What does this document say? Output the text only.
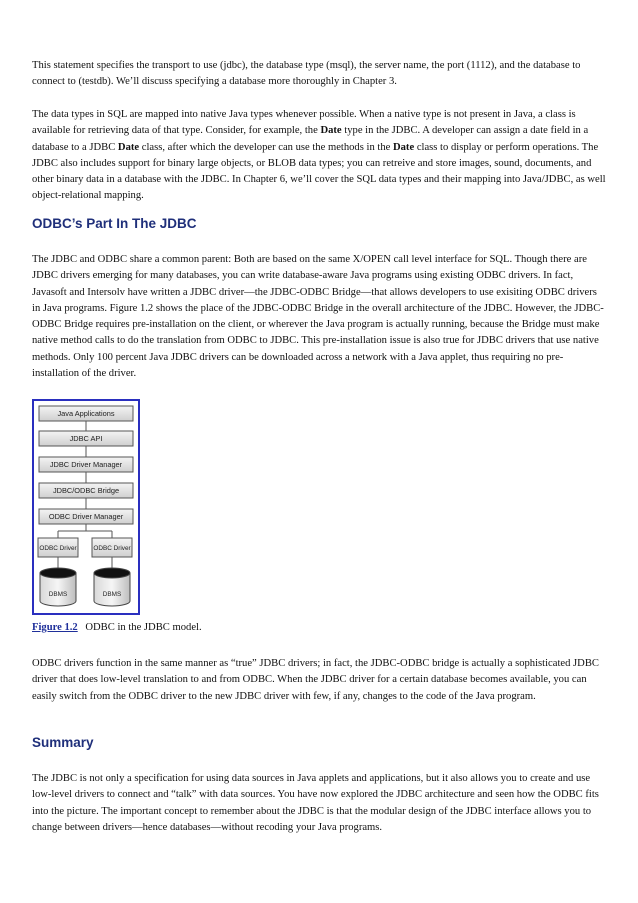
This statement specifies the transport to use (jdbc), the database type (msql), the server name, the port (1112), and the database to connect to (testdb). We’ll discuss specifying a database more thoroughly in Chapter 3.

The data types in SQL are mapped into native Java types whenever possible. When a native type is not present in Java, a class is available for retrieving data of that type. Consider, for example, the Date type in the JDBC. A developer can assign a date field in a database to a JDBC Date class, after which the developer can use the methods in the Date class to display or perform operations. The JDBC also includes support for binary large objects, or BLOB data types; you can retreive and store images, sound, documents, and other binary data in a database with the JDBC. In Chapter 6, we’ll cover the SQL data types and their mapping into Java/JDBC, as well object-relational mapping.

ODBC’s Part In The JDBC

The JDBC and ODBC share a common parent: Both are based on the same X/OPEN call level interface for SQL. Though there are JDBC drivers emerging for many databases, you can write database-aware Java programs using existing ODBC drivers. In fact, Javasoft and Intersolv have written a JDBC driver—the JDBC-ODBC Bridge—that allows developers to use exisiting ODBC drivers in Java programs. Figure 1.2 shows the place of the JDBC-ODBC Bridge in the overall architecture of the JDBC. However, the JDBC-ODBC Bridge requires pre-installation on the client, or wherever the Java program is actually running, because the Bridge must make native method calls to do the translation from ODBC to JDBC. This pre-installation issue is also true for JDBC drivers that use native methods. Only 100 percent Java JDBC drivers can be downloaded across a network with a Java applet, thus requiring no pre-installation of the driver.

Java Applications
JDBC API
JDBC Driver Manager
JDBC/ODBC Bridge
ODBC Driver Manager
ODBC Driver	ODBC Driver
DBMS	DBMS
Figure 1.2 ODBC in the JDBC model.

ODBC drivers function in the same manner as “true” JDBC drivers; in fact, the JDBC-ODBC bridge is actually a sophisticated JDBC driver that does low-level translation to and from ODBC. When the JDBC driver for a certain database becomes available, you can easily switch from the ODBC driver to the new JDBC driver with few, if any, changes to the code of the Java program.

Summary

The JDBC is not only a specification for using data sources in Java applets and applications, but it also allows you to create and use low-level drivers to connect and “talk” with data sources. You have now explored the JDBC architecture and seen how the ODBC fits into the picture. The important concept to remember about the JDBC is that the modular design of the JDBC interface allows you to change between drivers—hence databases—without recoding your Java programs.
